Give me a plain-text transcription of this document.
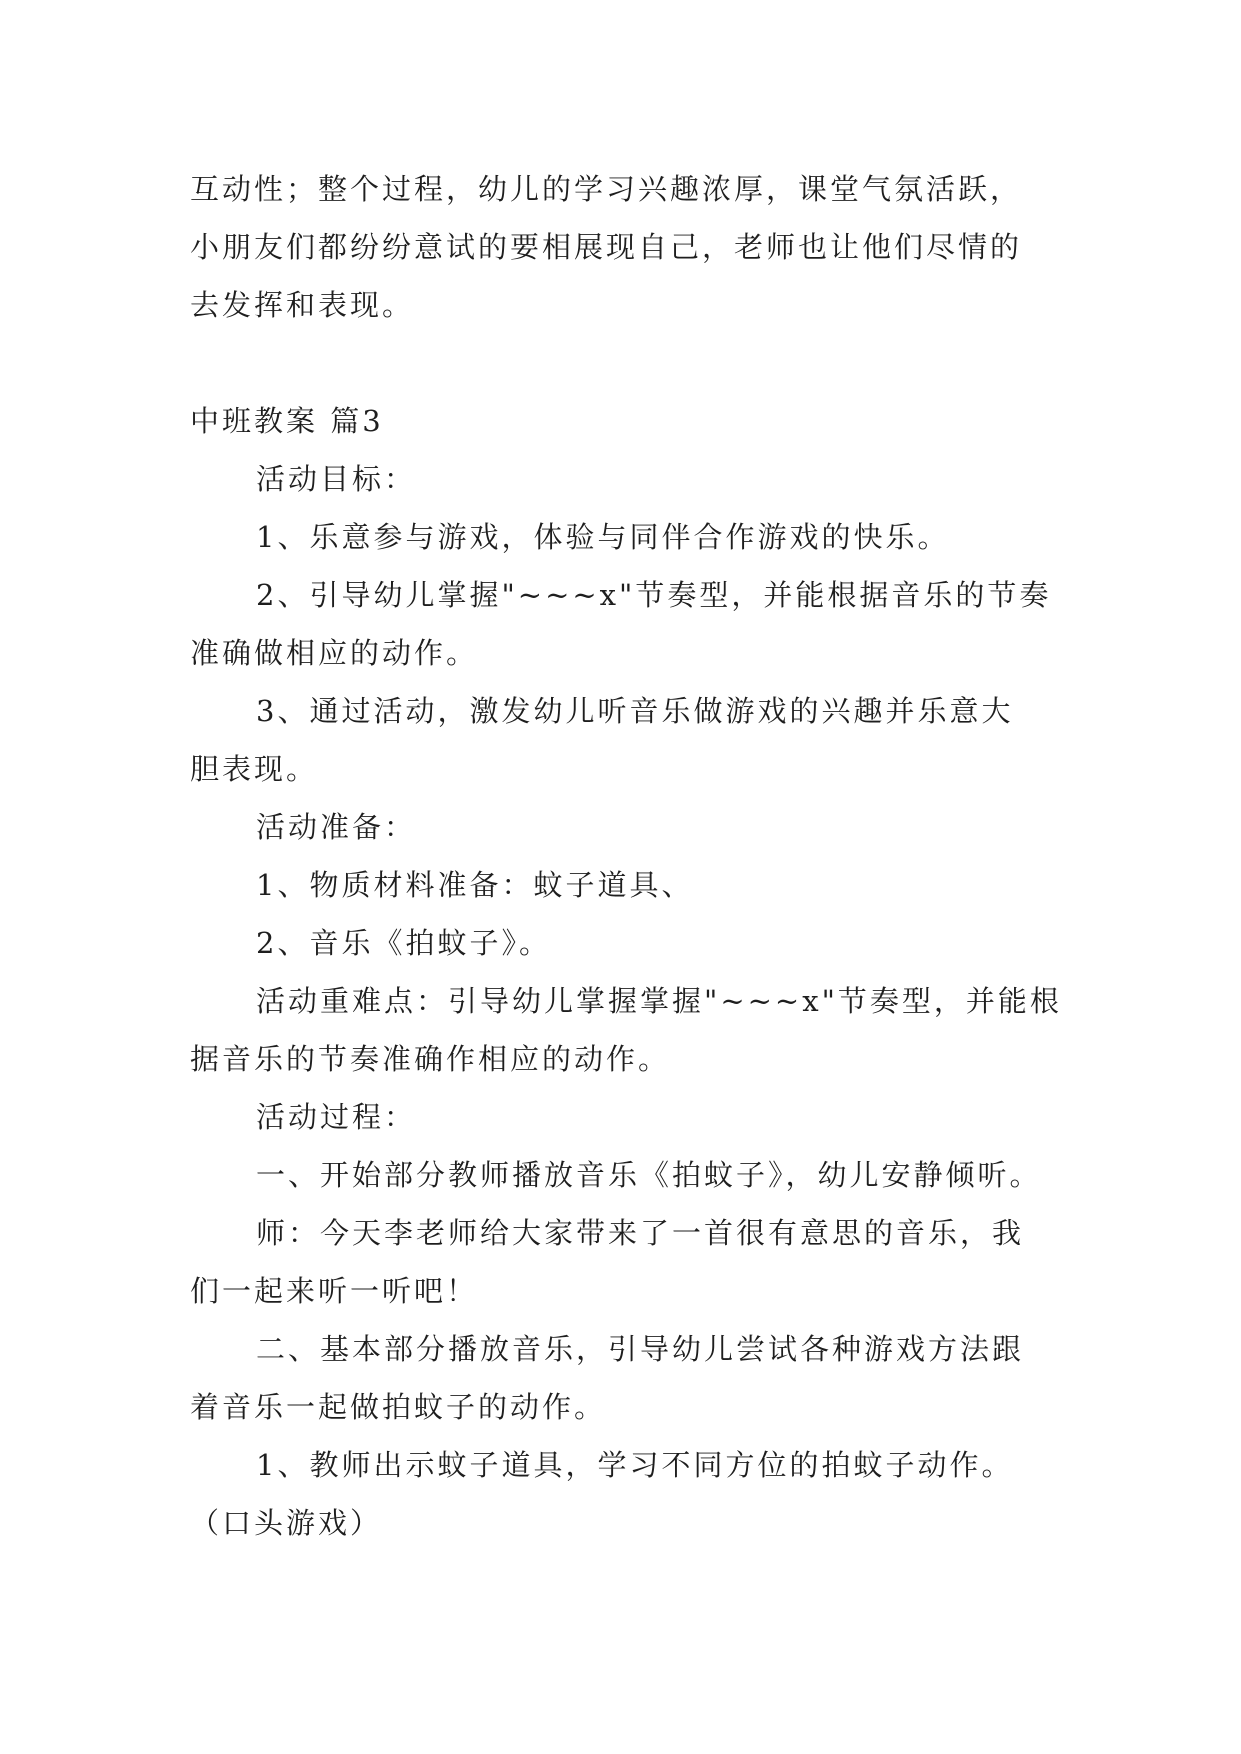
互动性；整个过程，幼儿的学习兴趣浓厚，课堂气氛活跃，
小朋友们都纷纷意试的要相展现自己，老师也让他们尽情的
去发挥和表现。
中班教案 篇3
活动目标：
1、乐意参与游戏，体验与同伴合作游戏的快乐。
2、引导幼儿掌握"~~~x"节奏型，并能根据音乐的节奏
准确做相应的动作。
3、通过活动，激发幼儿听音乐做游戏的兴趣并乐意大
胆表现。
活动准备：
1、物质材料准备：蚊子道具、
2、音乐《拍蚊子》。
活动重难点：引导幼儿掌握掌握"~~~x"节奏型，并能根
据音乐的节奏准确作相应的动作。
活动过程：
一、开始部分教师播放音乐《拍蚊子》，幼儿安静倾听。
师：今天李老师给大家带来了一首很有意思的音乐，我
们一起来听一听吧！
二、基本部分播放音乐，引导幼儿尝试各种游戏方法跟
着音乐一起做拍蚊子的动作。
1、教师出示蚊子道具，学习不同方位的拍蚊子动作。
（口头游戏）
